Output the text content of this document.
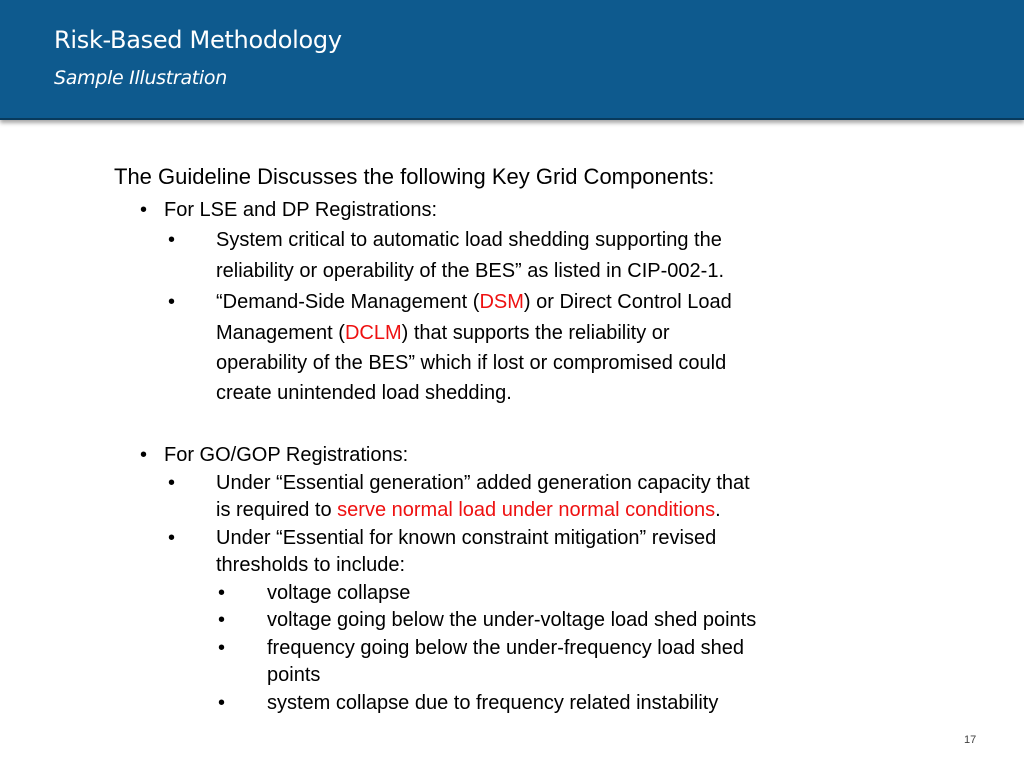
Risk-Based Methodology
Sample Illustration
The Guideline Discusses the following Key Grid Components:
• For LSE and DP Registrations:
• System critical to automatic load shedding supporting the
reliability or operability of the BES” as listed in CIP-002-1.
• “Demand-Side Management (DSM) or Direct Control Load
Management (DCLM) that supports the reliability or
operability of the BES” which if lost or compromised could
create unintended load shedding.
• For GO/GOP Registrations:
• Under “Essential generation” added generation capacity that
is required to serve normal load under normal conditions.
• Under “Essential for known constraint mitigation” revised
thresholds to include:
• voltage collapse
• voltage going below the under-voltage load shed points
• frequency going below the under-frequency load shed
points
• system collapse due to frequency related instability
17
